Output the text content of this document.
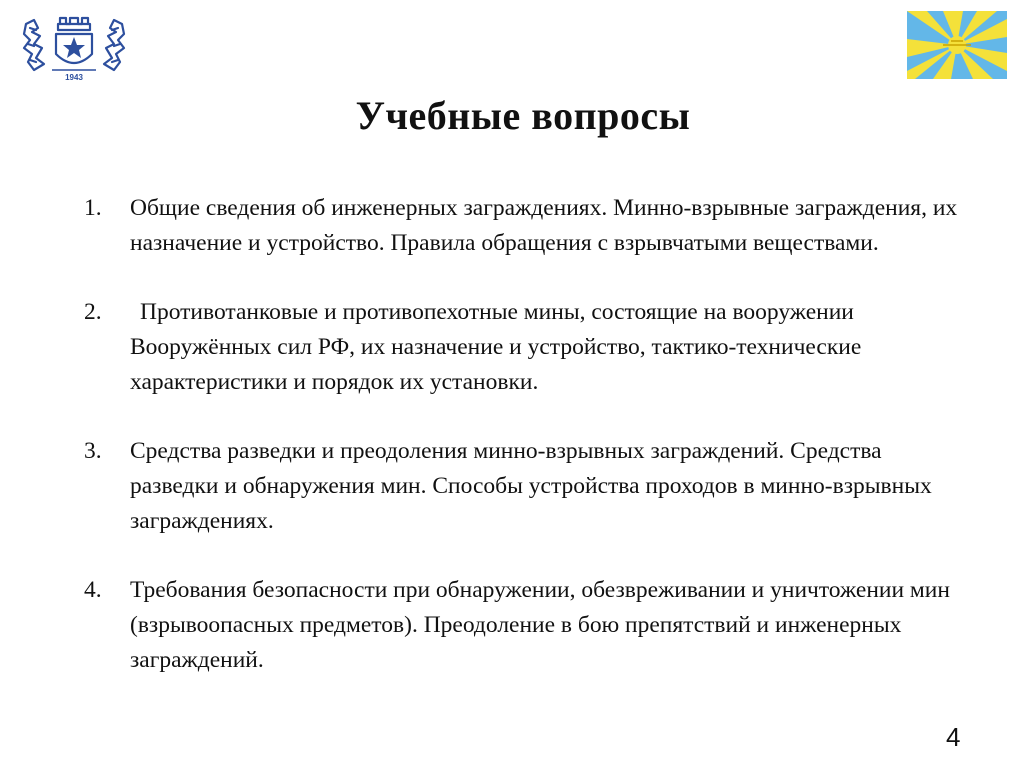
1943
Учебные вопросы
1.	Общие сведения об инженерных заграждениях. Минно-взрывные заграждения, их назначение и устройство. Правила обращения с взрывчатыми веществами.
2.	Противотанковые и противопехотные мины, состоящие на вооружении Вооружённых сил РФ, их назначение и устройство, тактико-технические характеристики и порядок их установки.
3.	Средства разведки и преодоления минно-взрывных заграждений. Средства разведки и обнаружения мин. Способы устройства проходов в минно-взрывных заграждениях.
4.	Требования безопасности при обнаружении, обезвреживании и уничтожении мин (взрывоопасных предметов). Преодоление в бою препятствий и инженерных заграждений.
4
